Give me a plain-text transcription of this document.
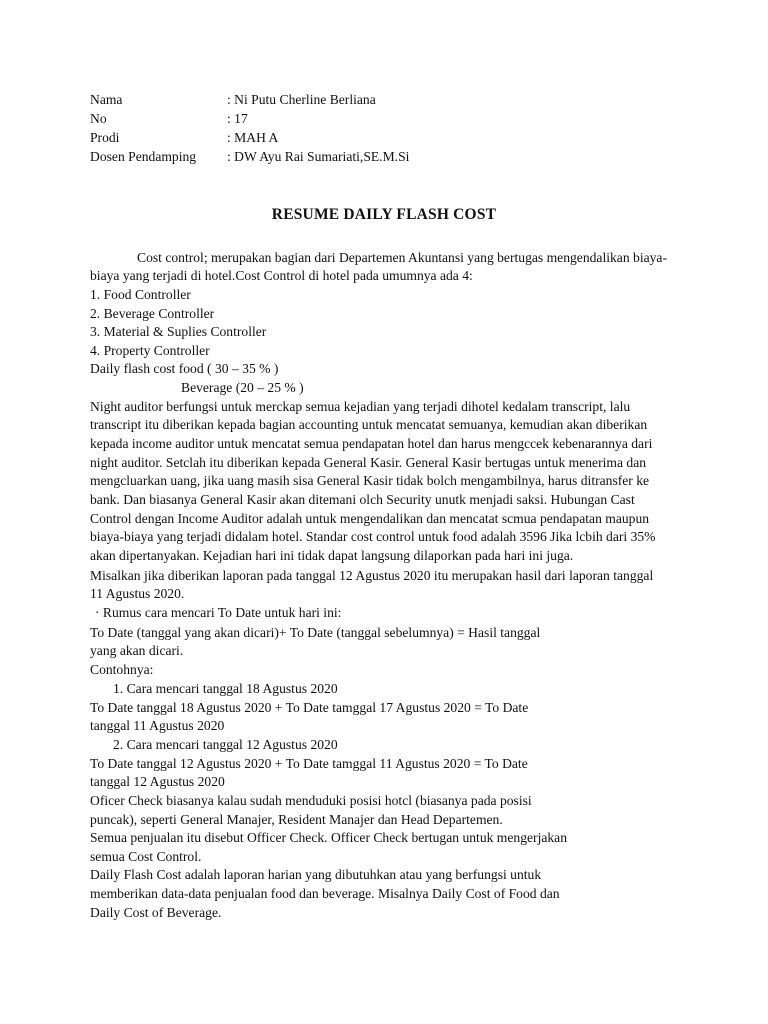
Nama	: Ni Putu Cherline Berliana
No	: 17
Prodi	: MAH A
Dosen Pendamping : DW Ayu Rai Sumariati,SE.M.Si
RESUME DAILY FLASH COST
Cost control; merupakan bagian dari Departemen Akuntansi yang bertugas mengendalikan biaya-
biaya yang terjadi di hotel.Cost Control di hotel pada umumnya ada 4:
1. Food Controller
2. Beverage Controller
3. Material & Suplies Controller
4. Property Controller
Daily flash cost food ( 30 – 35 % )
Beverage (20 – 25 % )
Night auditor berfungsi untuk merckap semua kejadian yang terjadi dihotel kedalam transcript, lalu
transcript itu diberikan kepada bagian accounting untuk mencatat semuanya, kemudian akan diberikan
kepada income auditor untuk mencatat semua pendapatan hotel dan harus mengccek kebenarannya dari
night auditor. Setclah itu diberikan kepada General Kasir. General Kasir bertugas untuk menerima dan
mengcluarkan uang, jika uang masih sisa General Kasir tidak bolch mengambilnya, harus ditransfer ke
bank. Dan biasanya General Kasir akan ditemani olch Security unutk menjadi saksi. Hubungan Cast
Control dengan Income Auditor adalah untuk mengendalikan dan mencatat scmua pendapatan maupun
biaya-biaya yang terjadi didalam hotel. Standar cost control untuk food adalah 3596 Jika lcbih dari 35%
akan dipertanyakan. Kejadian hari ini tidak dapat langsung dilaporkan pada hari ini juga.
Misalkan jika diberikan laporan pada tanggal 12 Agustus 2020 itu merupakan hasil dari laporan tanggal
11 Agustus 2020.
· Rumus cara mencari To Date untuk hari ini:
To Date (tanggal yang akan dicari)+ To Date (tanggal sebelumnya) = Hasil tanggal
yang akan dicari.
Contohnya:
1. Cara mencari tanggal 18 Agustus 2020
To Date tanggal 18 Agustus 2020 + To Date tamggal 17 Agustus 2020 = To Date
tanggal 11 Agustus 2020
2. Cara mencari tanggal 12 Agustus 2020
To Date tanggal 12 Agustus 2020 + To Date tamggal 11 Agustus 2020 = To Date
tanggal 12 Agustus 2020
Oficer Check biasanya kalau sudah menduduki posisi hotcl (biasanya pada posisi
puncak), seperti General Manajer, Resident Manajer dan Head Departemen.
Semua penjualan itu disebut Officer Check. Officer Check bertugan untuk mengerjakan
semua Cost Control.
Daily Flash Cost adalah laporan harian yang dibutuhkan atau yang berfungsi untuk
memberikan data-data penjualan food dan beverage. Misalnya Daily Cost of Food dan
Daily Cost of Beverage.
